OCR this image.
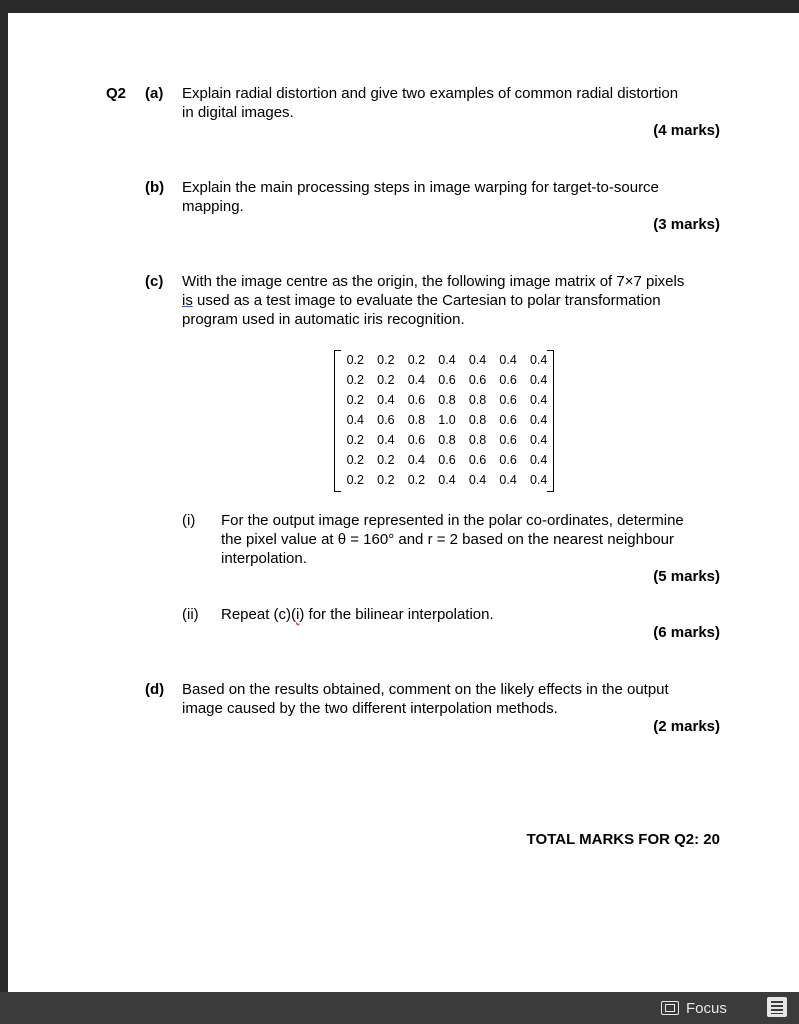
Q2 (a) Explain radial distortion and give two examples of common radial distortion
in digital images.
(4 marks)
(b) Explain the main processing steps in image warping for target-to-source
mapping.
(3 marks)
(c) With the image centre as the origin, the following image matrix of 7×7 pixels
is used as a test image to evaluate the Cartesian to polar transformation
program used in automatic iris recognition.
0.2	0.2	0.2	0.4	0.4	0.4	0.4
0.2	0.2	0.4	0.6	0.6	0.6	0.4
0.2	0.4	0.6	0.8	0.8	0.6	0.4
0.4	0.6	0.8	1.0	0.8	0.6	0.4
0.2	0.4	0.6	0.8	0.8	0.6	0.4
0.2	0.2	0.4	0.6	0.6	0.6	0.4
0.2	0.2	0.2	0.4	0.4	0.4	0.4
(i) For the output image represented in the polar co-ordinates, determine
the pixel value at θ = 160° and r = 2 based on the nearest neighbour
interpolation.
(5 marks)
(ii) Repeat (c)(i) for the bilinear interpolation.
(6 marks)
(d) Based on the results obtained, comment on the likely effects in the output
image caused by the two different interpolation methods.
(2 marks)
TOTAL MARKS FOR Q2: 20
Focus
